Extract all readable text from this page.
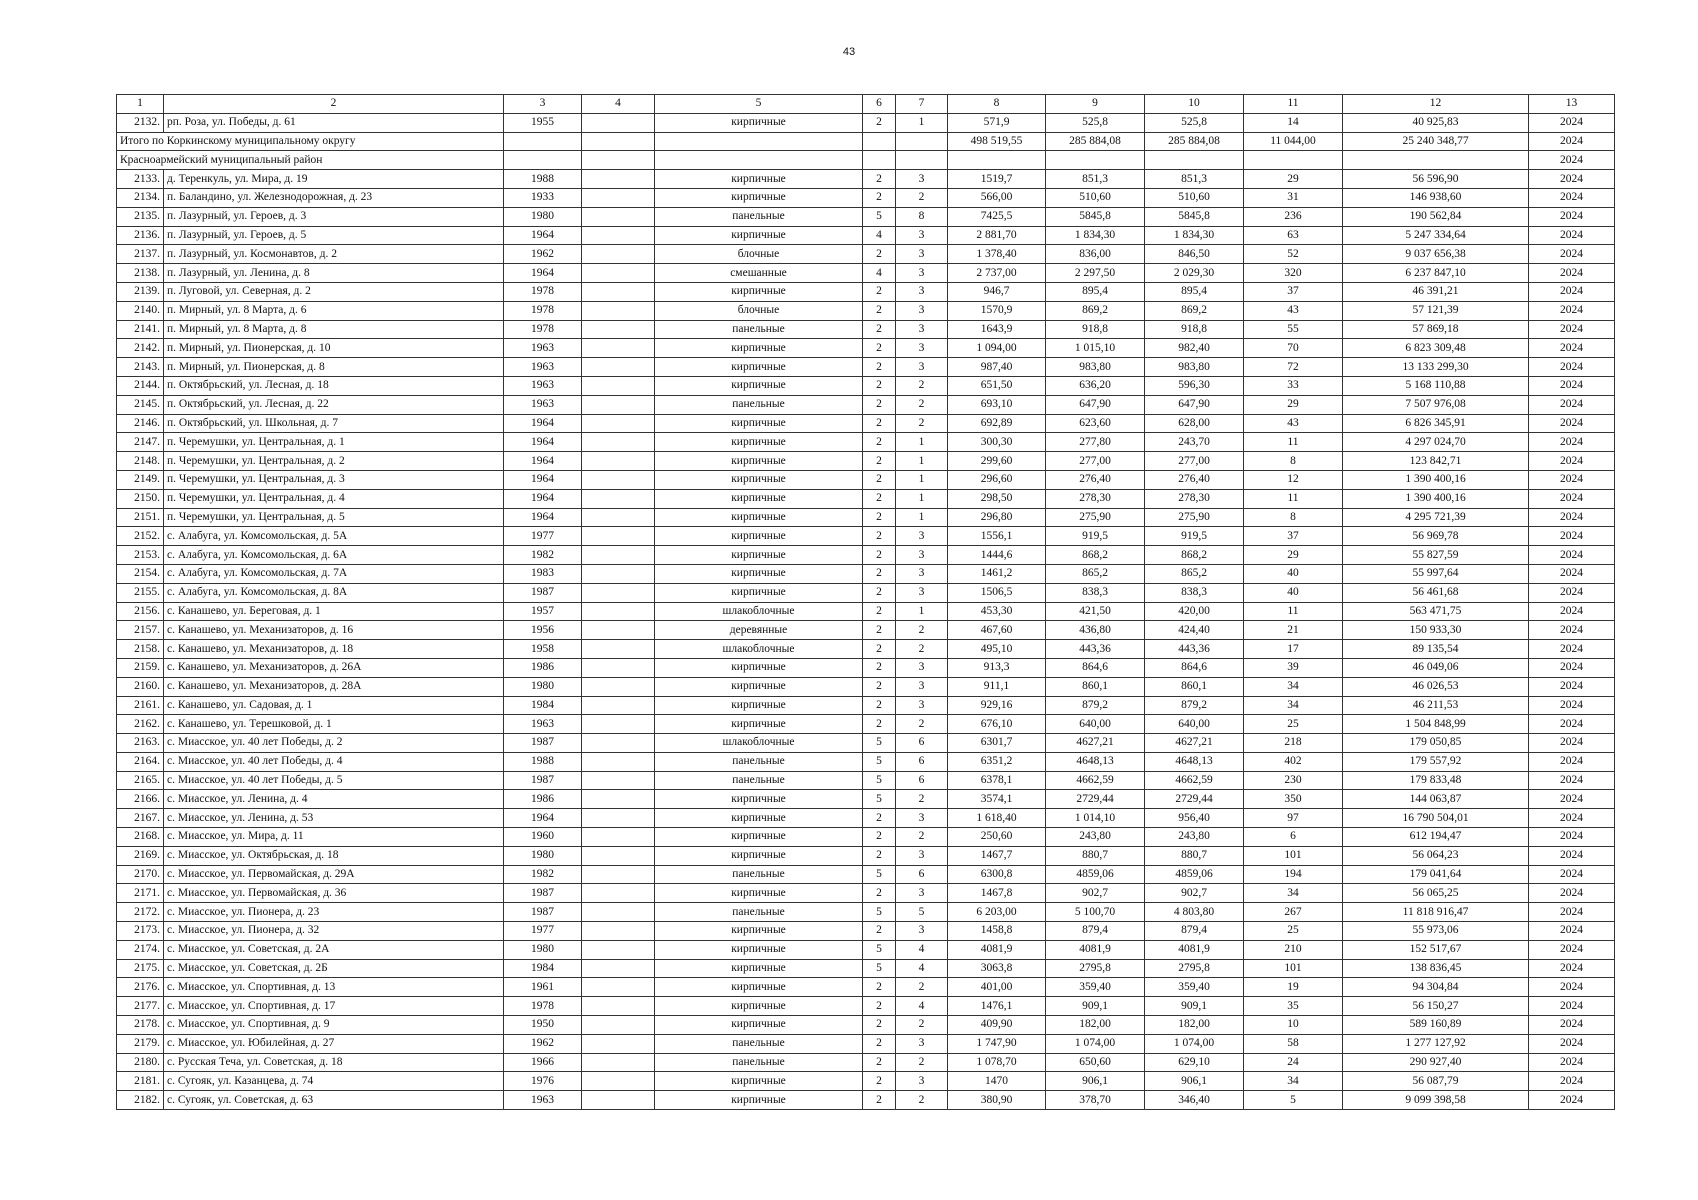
43
1	2	3	4	5	6	7	8	9	10	11	12	13
2132.	рп. Роза, ул. Победы, д. 61	1955		кирпичные	2	1	571,9	525,8	525,8	14	40 925,83	2024
Итого по Коркинскому муниципальному округу							498 519,55	285 884,08	285 884,08	11 044,00	25 240 348,77	2024
Красноармейский муниципальный район												2024
2133.	д. Теренкуль, ул. Мира, д. 19	1988		кирпичные	2	3	1519,7	851,3	851,3	29	56 596,90	2024
2134.	п. Баландино, ул. Железнодорожная, д. 23	1933		кирпичные	2	2	566,00	510,60	510,60	31	146 938,60	2024
2135.	п. Лазурный, ул. Героев, д. 3	1980		панельные	5	8	7425,5	5845,8	5845,8	236	190 562,84	2024
2136.	п. Лазурный, ул. Героев, д. 5	1964		кирпичные	4	3	2 881,70	1 834,30	1 834,30	63	5 247 334,64	2024
2137.	п. Лазурный, ул. Космонавтов, д. 2	1962		блочные	2	3	1 378,40	836,00	846,50	52	9 037 656,38	2024
2138.	п. Лазурный, ул. Ленина, д. 8	1964		смешанные	4	3	2 737,00	2 297,50	2 029,30	320	6 237 847,10	2024
2139.	п. Луговой, ул. Северная, д. 2	1978		кирпичные	2	3	946,7	895,4	895,4	37	46 391,21	2024
2140.	п. Мирный, ул. 8 Марта, д. 6	1978		блочные	2	3	1570,9	869,2	869,2	43	57 121,39	2024
2141.	п. Мирный, ул. 8 Марта, д. 8	1978		панельные	2	3	1643,9	918,8	918,8	55	57 869,18	2024
2142.	п. Мирный, ул. Пионерская, д. 10	1963		кирпичные	2	3	1 094,00	1 015,10	982,40	70	6 823 309,48	2024
2143.	п. Мирный, ул. Пионерская, д. 8	1963		кирпичные	2	3	987,40	983,80	983,80	72	13 133 299,30	2024
2144.	п. Октябрьский, ул. Лесная, д. 18	1963		кирпичные	2	2	651,50	636,20	596,30	33	5 168 110,88	2024
2145.	п. Октябрьский, ул. Лесная, д. 22	1963		панельные	2	2	693,10	647,90	647,90	29	7 507 976,08	2024
2146.	п. Октябрьский, ул. Школьная, д. 7	1964		кирпичные	2	2	692,89	623,60	628,00	43	6 826 345,91	2024
2147.	п. Черемушки, ул. Центральная, д. 1	1964		кирпичные	2	1	300,30	277,80	243,70	11	4 297 024,70	2024
2148.	п. Черемушки, ул. Центральная, д. 2	1964		кирпичные	2	1	299,60	277,00	277,00	8	123 842,71	2024
2149.	п. Черемушки, ул. Центральная, д. 3	1964		кирпичные	2	1	296,60	276,40	276,40	12	1 390 400,16	2024
2150.	п. Черемушки, ул. Центральная, д. 4	1964		кирпичные	2	1	298,50	278,30	278,30	11	1 390 400,16	2024
2151.	п. Черемушки, ул. Центральная, д. 5	1964		кирпичные	2	1	296,80	275,90	275,90	8	4 295 721,39	2024
2152.	с. Алабуга, ул. Комсомольская, д. 5А	1977		кирпичные	2	3	1556,1	919,5	919,5	37	56 969,78	2024
2153.	с. Алабуга, ул. Комсомольская, д. 6А	1982		кирпичные	2	3	1444,6	868,2	868,2	29	55 827,59	2024
2154.	с. Алабуга, ул. Комсомольская, д. 7А	1983		кирпичные	2	3	1461,2	865,2	865,2	40	55 997,64	2024
2155.	с. Алабуга, ул. Комсомольская, д. 8А	1987		кирпичные	2	3	1506,5	838,3	838,3	40	56 461,68	2024
2156.	с. Канашево, ул. Береговая, д. 1	1957		шлакоблочные	2	1	453,30	421,50	420,00	11	563 471,75	2024
2157.	с. Канашево, ул. Механизаторов, д. 16	1956		деревянные	2	2	467,60	436,80	424,40	21	150 933,30	2024
2158.	с. Канашево, ул. Механизаторов, д. 18	1958		шлакоблочные	2	2	495,10	443,36	443,36	17	89 135,54	2024
2159.	с. Канашево, ул. Механизаторов, д. 26А	1986		кирпичные	2	3	913,3	864,6	864,6	39	46 049,06	2024
2160.	с. Канашево, ул. Механизаторов, д. 28А	1980		кирпичные	2	3	911,1	860,1	860,1	34	46 026,53	2024
2161.	с. Канашево, ул. Садовая, д. 1	1984		кирпичные	2	3	929,16	879,2	879,2	34	46 211,53	2024
2162.	с. Канашево, ул. Терешковой, д. 1	1963		кирпичные	2	2	676,10	640,00	640,00	25	1 504 848,99	2024
2163.	с. Миасское, ул. 40 лет Победы, д. 2	1987		шлакоблочные	5	6	6301,7	4627,21	4627,21	218	179 050,85	2024
2164.	с. Миасское, ул. 40 лет Победы, д. 4	1988		панельные	5	6	6351,2	4648,13	4648,13	402	179 557,92	2024
2165.	с. Миасское, ул. 40 лет Победы, д. 5	1987		панельные	5	6	6378,1	4662,59	4662,59	230	179 833,48	2024
2166.	с. Миасское, ул. Ленина, д. 4	1986		кирпичные	5	2	3574,1	2729,44	2729,44	350	144 063,87	2024
2167.	с. Миасское, ул. Ленина, д. 53	1964		кирпичные	2	3	1 618,40	1 014,10	956,40	97	16 790 504,01	2024
2168.	с. Миасское, ул. Мира, д. 11	1960		кирпичные	2	2	250,60	243,80	243,80	6	612 194,47	2024
2169.	с. Миасское, ул. Октябрьская, д. 18	1980		кирпичные	2	3	1467,7	880,7	880,7	101	56 064,23	2024
2170.	с. Миасское, ул. Первомайская, д. 29А	1982		панельные	5	6	6300,8	4859,06	4859,06	194	179 041,64	2024
2171.	с. Миасское, ул. Первомайская, д. 36	1987		кирпичные	2	3	1467,8	902,7	902,7	34	56 065,25	2024
2172.	с. Миасское, ул. Пионера, д. 23	1987		панельные	5	5	6 203,00	5 100,70	4 803,80	267	11 818 916,47	2024
2173.	с. Миасское, ул. Пионера, д. 32	1977		кирпичные	2	3	1458,8	879,4	879,4	25	55 973,06	2024
2174.	с. Миасское, ул. Советская, д. 2А	1980		кирпичные	5	4	4081,9	4081,9	4081,9	210	152 517,67	2024
2175.	с. Миасское, ул. Советская, д. 2Б	1984		кирпичные	5	4	3063,8	2795,8	2795,8	101	138 836,45	2024
2176.	с. Миасское, ул. Спортивная, д. 13	1961		кирпичные	2	2	401,00	359,40	359,40	19	94 304,84	2024
2177.	с. Миасское, ул. Спортивная, д. 17	1978		кирпичные	2	4	1476,1	909,1	909,1	35	56 150,27	2024
2178.	с. Миасское, ул. Спортивная, д. 9	1950		кирпичные	2	2	409,90	182,00	182,00	10	589 160,89	2024
2179.	с. Миасское, ул. Юбилейная, д. 27	1962		панельные	2	3	1 747,90	1 074,00	1 074,00	58	1 277 127,92	2024
2180.	с. Русская Теча, ул. Советская, д. 18	1966		панельные	2	2	1 078,70	650,60	629,10	24	290 927,40	2024
2181.	с. Сугояк, ул. Казанцева, д. 74	1976		кирпичные	2	3	1470	906,1	906,1	34	56 087,79	2024
2182.	с. Сугояк, ул. Советская, д. 63	1963		кирпичные	2	2	380,90	378,70	346,40	5	9 099 398,58	2024
